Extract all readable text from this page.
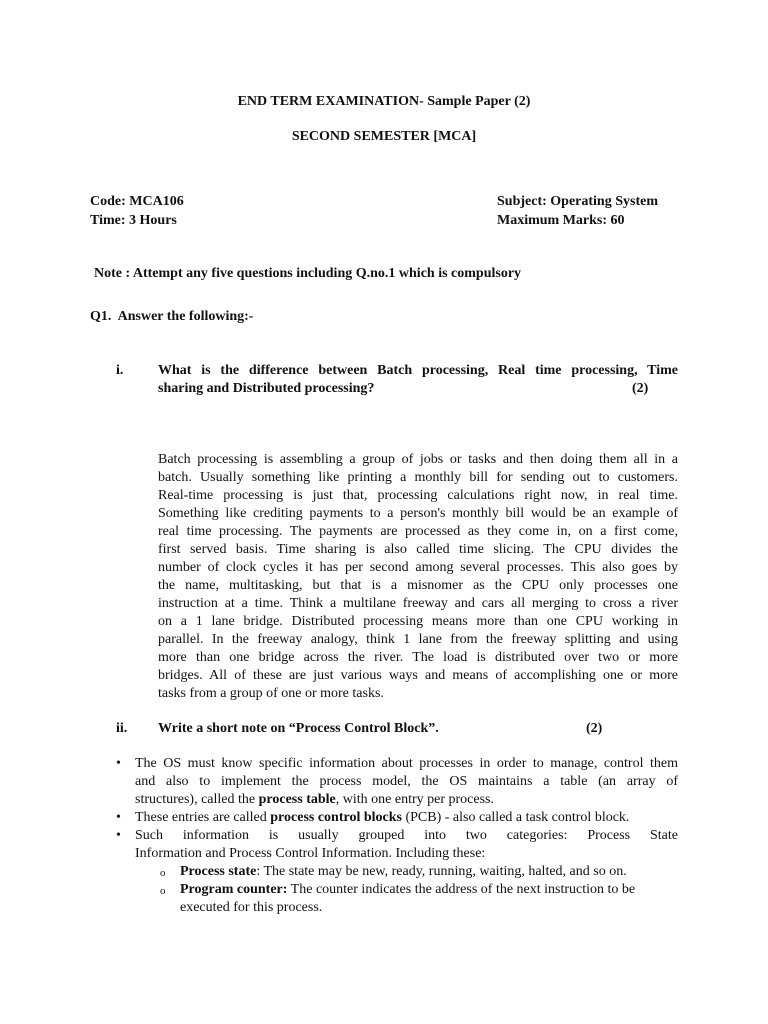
END TERM EXAMINATION- Sample Paper (2)
SECOND SEMESTER [MCA]
Code: MCA106
Time: 3 Hours
Subject: Operating System
Maximum Marks: 60
Note : Attempt any five questions including Q.no.1 which is compulsory
Q1. Answer the following:-
i. What is the difference between Batch processing, Real time processing, Time
sharing and Distributed processing?	(2)

Batch processing is assembling a group of jobs or tasks and then doing them all in a

batch. Usually something like printing a monthly bill for sending out to customers.

Real-time processing is just that, processing calculations right now, in real time.

Something like crediting payments to a person's monthly bill would be an example of

real time processing. The payments are processed as they come in, on a first come,

first served basis. Time sharing is also called time slicing. The CPU divides the

number of clock cycles it has per second among several processes. This also goes by

the name, multitasking, but that is a misnomer as the CPU only processes one

instruction at a time. Think a multilane freeway and cars all merging to cross a river

on a 1 lane bridge. Distributed processing means more than one CPU working in

parallel. In the freeway analogy, think 1 lane from the freeway splitting and using

more than one bridge across the river. The load is distributed over two or more

bridges. All of these are just various ways and means of accomplishing one or more

tasks from a group of one or more tasks.

ii. Write a short note on “Process Control Block”.	(2)
• The OS must know specific information about processes in order to manage, control them

and also to implement the process model, the OS maintains a table (an array of

structures), called the process table, with one entry per process.

• These entries are called process control blocks (PCB) - also called a task control block.
• Such information is usually grouped into two categories: Process State

Information and Process Control Information. Including these:

o Process state: The state may be new, ready, running, waiting, halted, and so on.
o Program counter: The counter indicates the address of the next instruction to be

executed for this process.
